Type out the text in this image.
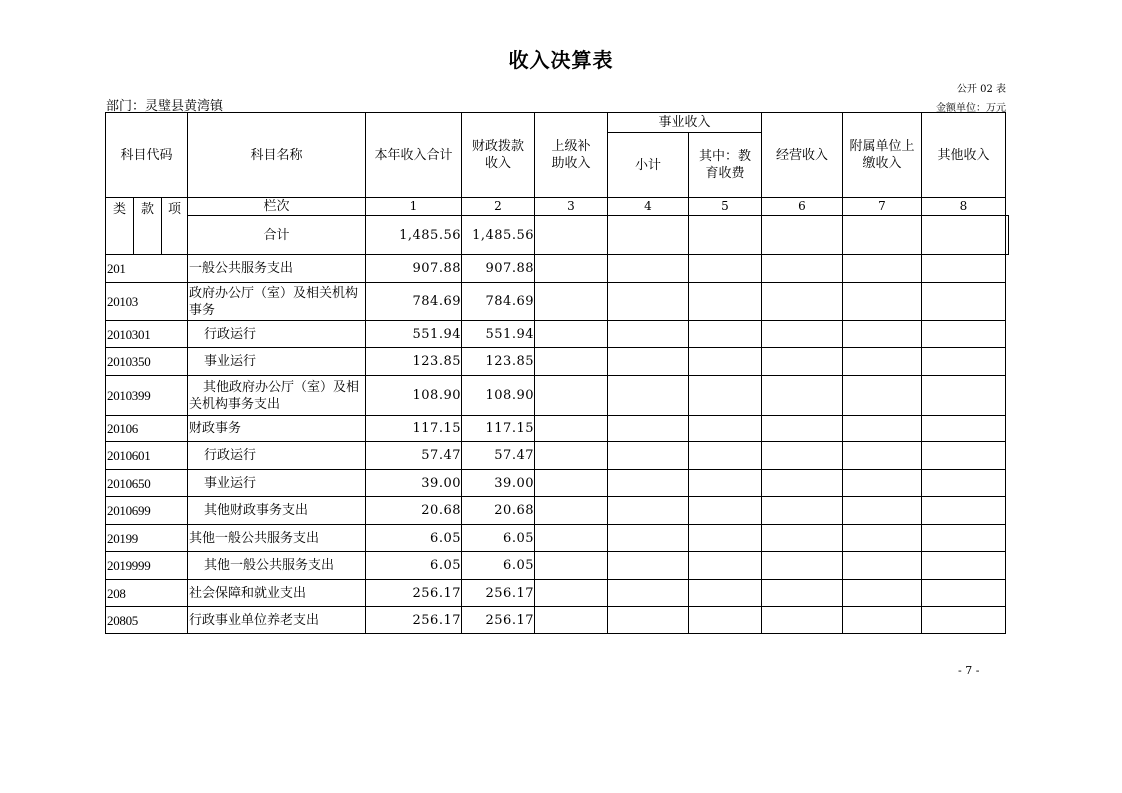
收入决算表
公开 02 表
部门：灵璧县黄湾镇	金额单位：万元
科目代码			科目名称	本年收入合计	财政拨款收入	上级补助收入	事业收入		经营收入	附属单位上缴收入	其他收入	
							小计	其中：教育收费				
类	款	项	栏次	1	2	3	4	5	6	7	8	
			合计	1,485.56	1,485.56							
201			一般公共服务支出	907.88	907.88							
20103			政府办公厅（室）及相关机构事务	784.69	784.69							
2010301			行政运行	551.94	551.94							
2010350			事业运行	123.85	123.85							
2010399			其他政府办公厅（室）及相关机构事务支出	108.90	108.90							
20106			财政事务	117.15	117.15							
2010601			行政运行	57.47	57.47							
2010650			事业运行	39.00	39.00							
2010699			其他财政事务支出	20.68	20.68							
20199			其他一般公共服务支出	6.05	6.05							
2019999			其他一般公共服务支出	6.05	6.05							
208			社会保障和就业支出	256.17	256.17							
20805			行政事业单位养老支出	256.17	256.17							
- 7 -
